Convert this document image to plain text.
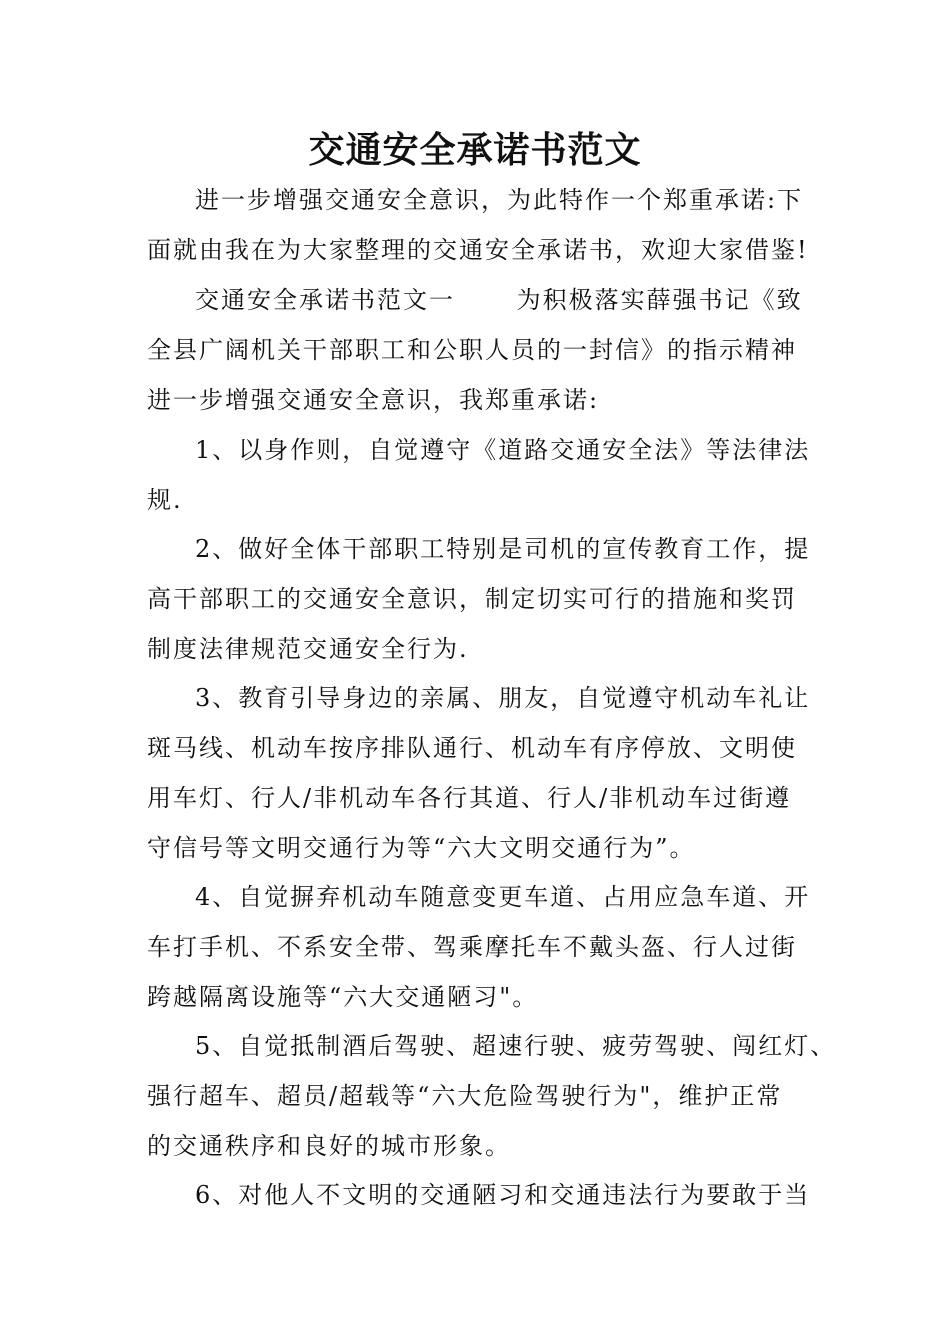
交通安全承诺书范文
进一步增强交通安全意识，为此特作一个郑重承诺:下
面就由我在为大家整理的交通安全承诺书，欢迎大家借鉴!
交通安全承诺书范文一　　 为积极落实薛强书记《致
全县广阔机关干部职工和公职人员的一封信》的指示精神
进一步增强交通安全意识，我郑重承诺:
1、以身作则，自觉遵守《道路交通安全法》等法律法
规.
2、做好全体干部职工特别是司机的宣传教育工作，提
高干部职工的交通安全意识，制定切实可行的措施和奖罚
制度法律规范交通安全行为.
3、教育引导身边的亲属、朋友，自觉遵守机动车礼让
斑马线、机动车按序排队通行、机动车有序停放、文明使
用车灯、行人/非机动车各行其道、行人/非机动车过街遵
守信号等文明交通行为等“六大文明交通行为”。
4、自觉摒弃机动车随意变更车道、占用应急车道、开
车打手机、不系安全带、驾乘摩托车不戴头盔、行人过街
跨越隔离设施等“六大交通陋习"。
5、自觉抵制酒后驾驶、超速行驶、疲劳驾驶、闯红灯、
强行超车、超员/超载等“六大危险驾驶行为"，维护正常
的交通秩序和良好的城市形象。
6、对他人不文明的交通陋习和交通违法行为要敢于当
